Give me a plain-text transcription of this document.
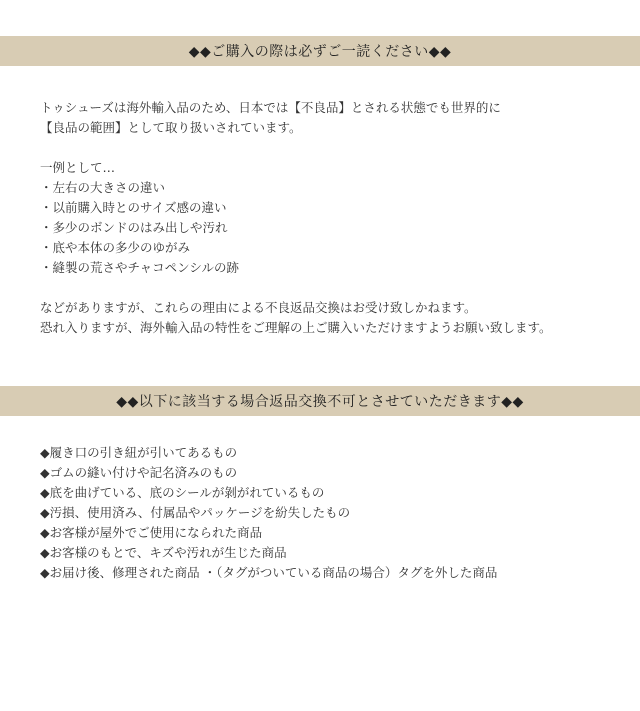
◆◆ご購入の際は必ずご一読ください◆◆
トゥシューズは海外輸入品のため、日本では【不良品】とされる状態でも世界的に
【良品の範囲】として取り扱いされています。
一例として…
・左右の大きさの違い
・以前購入時とのサイズ感の違い
・多少のボンドのはみ出しや汚れ
・底や本体の多少のゆがみ
・縫製の荒さやチャコペンシルの跡
などがありますが、これらの理由による不良返品交換はお受け致しかねます。
恐れ入りますが、海外輸入品の特性をご理解の上ご購入いただけますようお願い致します。
◆◆以下に該当する場合返品交換不可とさせていただきます◆◆
◆履き口の引き紐が引いてあるもの
◆ゴムの縫い付けや記名済みのもの
◆底を曲げている、底のシールが剝がれているもの
◆汚損、使用済み、付属品やパッケージを紛失したもの
◆お客様が屋外でご使用になられた商品
◆お客様のもとで、キズや汚れが生じた商品
◆お届け後、修理された商品 ・（タグがついている商品の場合）タグを外した商品
